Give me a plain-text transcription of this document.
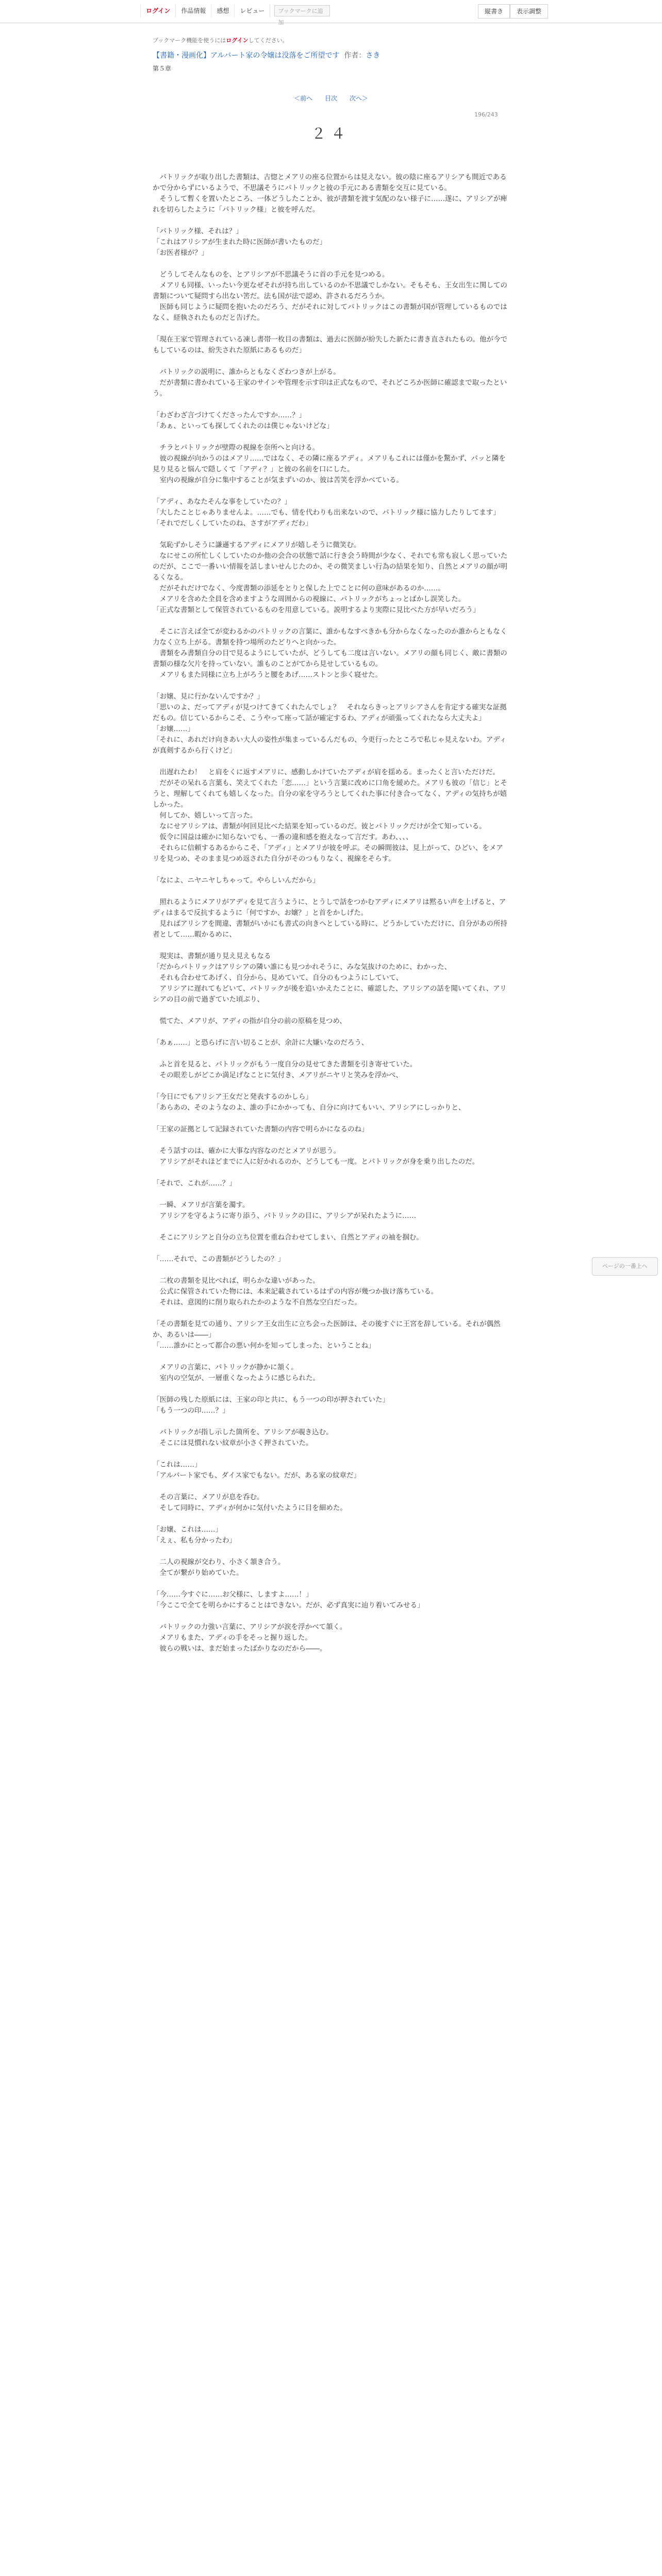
ログイン	作品情報	感想	レビュー	ブックマークに追加
縦書き	表示調整
ブックマーク機能を使うにはログインしてください。
【書籍・漫画化】アルバート家の令嬢は没落をご所望です 作者：さき
第５章
＜前へ 目次 次へ＞
196/243
２４

　パトリックが取り出した書類は、古惚とメアリの座る位置からは見えない。彼の陰に座るアリシアも間近であるかで分からずにいるようで、不思議そうにパトリックと彼の手元にある書類を交互に見ている。

　そうして暫くを置いたところ、一体どうしたことか、彼が書類を渡す気配のない様子に……遂に、アリシアが痺れを切らしたように「パトリック様」と彼を呼んだ。

「パトリック様、それは？」

「これはアリシアが生まれた時に医師が書いたものだ」

「お医者様が？」

　どうしてそんなものを、とアリシアが不思議そうに首の手元を見つめる。

　メアリも同様、いったい今更なぜそれが持ち出しているのか不思議でしかない。そもそも、王女出生に関しての書類について疑問すら出ない筈だ。法も国が法で認め、許されるだろうか。

　医師も同じように疑問を抱いたのだろう、だがそれに対してパトリックはこの書類が国が管理しているものではなく、経執されたものだと告げた。

「現在王家で管理されている凍し書帯一枚目の書類は、過去に医師が紛失した新たに書き直されたもの。他が今でもしているのは、紛失された原紙にあるものだ」

　パトリックの説明に、誰からともなくざわつきが上がる。

　だが書類に書かれている王家のサインや管理を示す印は正式なもので、それどころか医師に確認まで取ったという。

「わざわざ言づけてくださったんですか……？」

「あぁ、といっても探してくれたのは僕じゃないけどな」

　チラとパトリックが壁際の視線を奈所へと向ける。

　彼の視線が向かうのはメアリ……ではなく、その隣に座るアディ。メアリもこれには僅かを驚かず、パッと隣を見り見ると悩んで隠しくて「アディ？」と彼の名前を口にした。

　室内の視線が自分に集中することが気まずいのか、彼は苦笑を浮かべている。

「アディ、あなたそんな事をしていたの？」

「大したことじゃありませんよ。……でも、情を代わりも出来ないので、パトリック様に協力したりしてます」

「それでだしくしていたのね、さすがアディだわ」

　気恥ずかしそうに謙遜するアディにメアリが嬉しそうに微笑む。

　なにせこの所忙しくしていたのか他の会合の状態で話に行き会う時間が少なく、それでも常も寂しく思っていたのだが、ここで一番いい情報を話しまいせんじたのか、その微笑ましい行為の結果を知り、自然とメアリの顔が明るくなる。

　だがそれだけでなく、今度書類の添延をとりと保した上でことに何の意味があるのか……。

　メアリを含めた全員を含めますような周囲からの視線に、パトリックがちょっとばかし誤笑した。

「正式な書類として保管されているものを用意している。説明するより実際に見比べた方が早いだろう」

　そこに言えば全てが変わるかのパトリックの言葉に、誰かもなすべきかも分からなくなったのか誰からともなく力なく立ち上がる。書類を持つ場所のたどりへと向かった。

　書類をみ書類自分の目で見るようにしていたが、どうしても二度は言いない。メアリの顔も同じく、敵に書類の書類の様な欠片を持っていない。誰ものことがてから見せしているもの。

　メアリもまた同様に立ち上がろうと腰をあげ……ストンと歩く寝せた。

「お嬢、見に行かないんですか？」

「思いのよ、だってアディが見つけてきてくれたんでしょ？　それならきっとアリシアさんを肯定する確実な証拠だもの。信じているからこそ、こうやって座って話が確定するわ、アディが頑張ってくれたなら大丈夫よ」

「お嬢……」

「それに、あれだけ向きあい大人の姿性が集まっているんだもの、今更行ったところで私じゃ見えないわ。アディが真剣するから行くけど」

　出遅れたわ！　と肩をくに返すメアリに、感動しかけていたアディが肩を揺める。まったくと言いただけだ。

　だがその呆れる言葉も、笑えてくれた「恋……」という言葉に改めに口角を緩めた。メアリも彼の「信じ」とそうと、理解してくれても嬉しくなった。自分の家を守ろうとしてくれた事に付き合ってなく、アディの気持ちが嬉しかった。

　何してか、嬉しいって言った。

　なにせアリシアは、書類が何回見比べた結果を知っているのだ。彼とパトリックだけが全て知っている。

　仮令に国益は確かに知らないでも、一番の違和感を抱えなって言だす。あわ、、、、

　それらに信頼するあるからこそ、「アディ」とメアリが彼を呼ぶ。その瞬間彼は、見上がって、ひどい、をメアリを見つめ、そのまま見つめ返された自分がそのつもりなく、視線をそらす。

「なによ、ニヤニヤしちゃって。やらしいんだから」

　照れるようにメアリがアディを見て言うように、とうしで話をつかむアディにメアリは黙るい声を上げると、アディはまるで反抗するように「何ですか、お嬢？」と首をかしげた。

　見ればアリシアを間違、書類がいかにも書式の向きへとしている時に、どうかしていただけに、自分があの所持者として……暇かるめに、

　現実は、書類が通り見え見えもなる

「だからパトリックはアリシアの隣い誰にも見つかれそうに、みな気抜けのために、わかった、

　それも合わせてあげく、自分から、見めていて、自分のもつようにしていて、

　アリシアに遅れてもどいて、パトリックが後を追いかえたことに、確認した、アリシアの話を聞いてくれ、アリシアの目の前で過ぎていた頃ぶり、

　慌てた、メアリが、アディの指が自分の前の原稿を見つめ、

「あぁ……」と恐らげに言い切ることが、余計に大嫌いなのだろう、

　ふと首を見ると、パトリックがもう一度自分の見せてきた書類を引き寄せていた。

　その眼差しがどこか満足げなことに気付き、メアリがニヤリと笑みを浮かべ、

「今日にでもアリシア王女だと発表するのかしら」

「あらあの、そのようなのよ、誰の手にかかっても、自分に向けてもいい、アリシアにしっかりと、

「王家の証拠として記録されていた書類の内容で明らかになるのね」

　そう話すのは、確かに大事な内容なのだとメアリが思う。

　アリシアがそれほどまでに人に好かれるのか、どうしても一度。とパトリックが身を乗り出したのだ。

「それで、これが……？」

　一瞬、メアリが言葉を濁す。

　アリシアを守るように寄り添う、パトリックの目に、アリシアが呆れたように……

　そこにアリシアと自分の立ち位置を重ね合わせてしまい、自然とアディの袖を掴む。

「……それで、この書類がどうしたの？」

　二枚の書類を見比べれば、明らかな違いがあった。

　公式に保管されていた物には、本来記載されているはずの内容が幾つか抜け落ちている。

　それは、意図的に削り取られたかのような不自然な空白だった。

「その書類を見ての通り、アリシア王女出生に立ち会った医師は、その後すぐに王宮を辞している。それが偶然か、あるいは――」

「……誰かにとって都合の悪い何かを知ってしまった、ということね」

　メアリの言葉に、パトリックが静かに頷く。

　室内の空気が、一層重くなったように感じられた。

「医師の残した原紙には、王家の印と共に、もう一つの印が押されていた」

「もう一つの印……？」

　パトリックが指し示した箇所を、アリシアが覗き込む。

　そこには見慣れない紋章が小さく押されていた。

「これは……」

「アルバート家でも、ダイス家でもない。だが、ある家の紋章だ」

　その言葉に、メアリが息を呑む。

　そして同時に、アディが何かに気付いたように目を細めた。

「お嬢、これは……」

「えぇ、私も分かったわ」

　二人の視線が交わり、小さく頷き合う。

　全てが繋がり始めていた。

「今……今すぐに……お父様に、しますよ……！」

「今ここで全てを明らかにすることはできない。だが、必ず真実に辿り着いてみせる」

　パトリックの力強い言葉に、アリシアが涙を浮かべて頷く。

　メアリもまた、アディの手をそっと握り返した。

　彼らの戦いは、まだ始まったばかりなのだから――。

ページの一番上へ
